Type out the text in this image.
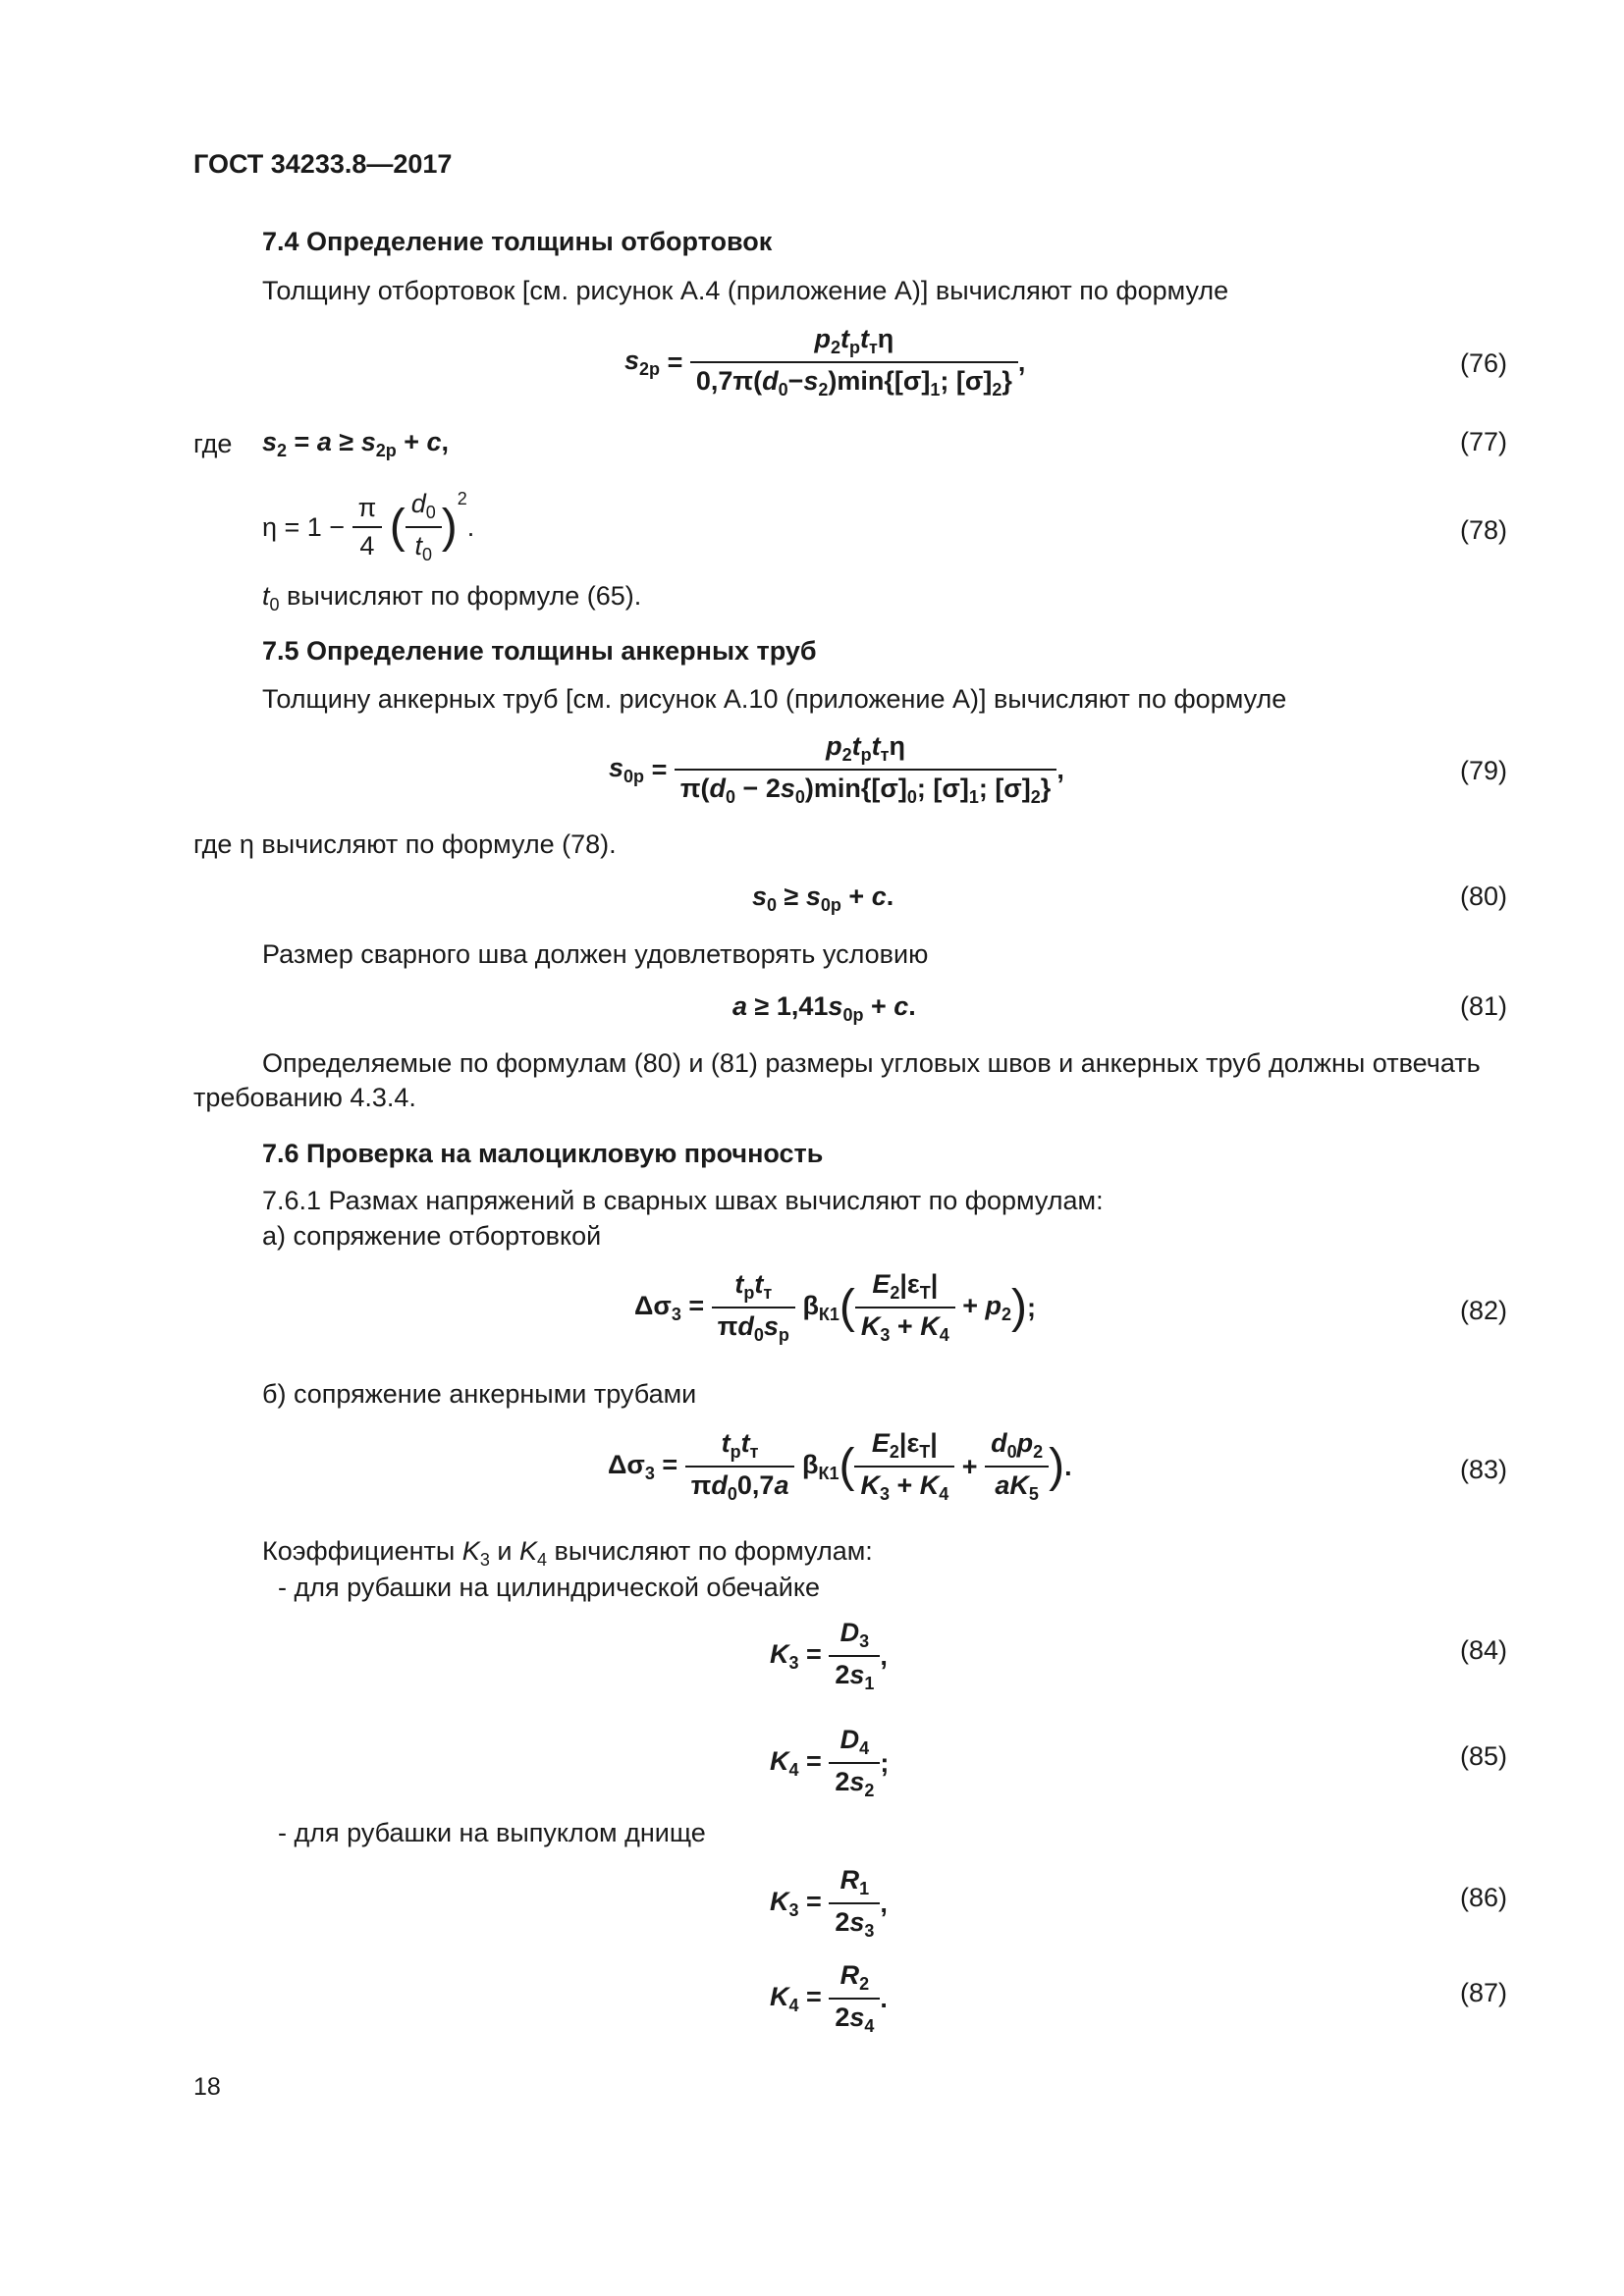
ГОСТ 34233.8—2017
7.4 Определение толщины отбортовок
Толщину отбортовок [см. рисунок А.4 (приложение А)] вычисляют по формуле
$s_{2р} = \frac{p_2t_рt_т\eta}{0,7\pi(d_0-s_2)\min\{[\sigma]_1; [\sigma]_2\}}$ ,	(76)
где $s_2 = a \ge s_{2р} + c$,	(77)
$\eta = 1 - \frac{\pi}{4}$ ( $\frac{d_0}{t_0} )^2$.	(78)
$t_0$ вычисляют по формуле (65).
7.5 Определение толщины анкерных труб
Толщину анкерных труб [см. рисунок А.10 (приложение А)] вычисляют по формуле
$s_{0р} = \frac{p_2t_рt_т\eta}{\pi(d_0 - 2s_0)\min\{[\sigma]_0; [\sigma]_1; [\sigma]_2\}}$ ,	(79)
где η вычисляют по формуле (78).
$s_0 \ge s_{0р} + c$.	(80)
Размер сварного шва должен удовлетворять условию
$a \ge 1,41s_{0р} + c$.	(81)
Определяемые по формулам (80) и (81) размеры угловых швов и анкерных труб должны отвечать
требованию 4.3.4.
7.6 Проверка на малоцикловую прочность
7.6.1 Размах напряжений в сварных швах вычисляют по формулам:
а) сопряжение отбортовкой
$\Delta\sigma_3 = \frac{t_рt_т}{\pi d_0s_р} \beta_{К1}( \frac{E_2|\varepsilon_Т|}{K_3 + K_4} + p_2)$;	(82)
б) сопряжение анкерными трубами
$\Delta\sigma_3 = \frac{t_рt_т}{\pi d_00,7a} \beta_{К1}( \frac{E_2|\varepsilon_Т|}{K_3 + K_4} + \frac{d_0p_2}{aK_5}$ ).	(83)
Коэффициенты $K_3$ и $K_4$ вычисляют по формулам:
- для рубашки на цилиндрической обечайке
$K_3 = \frac{D_3}{2s_1}$ ,	(84)
$K_4 = \frac{D_4}{2s_2}$ ;	(85)
- для рубашки на выпуклом днище
$K_3 = \frac{R_1}{2s_3}$ ,	(86)
$K_4 = \frac{R_2}{2s_4}$ .	(87)
18
